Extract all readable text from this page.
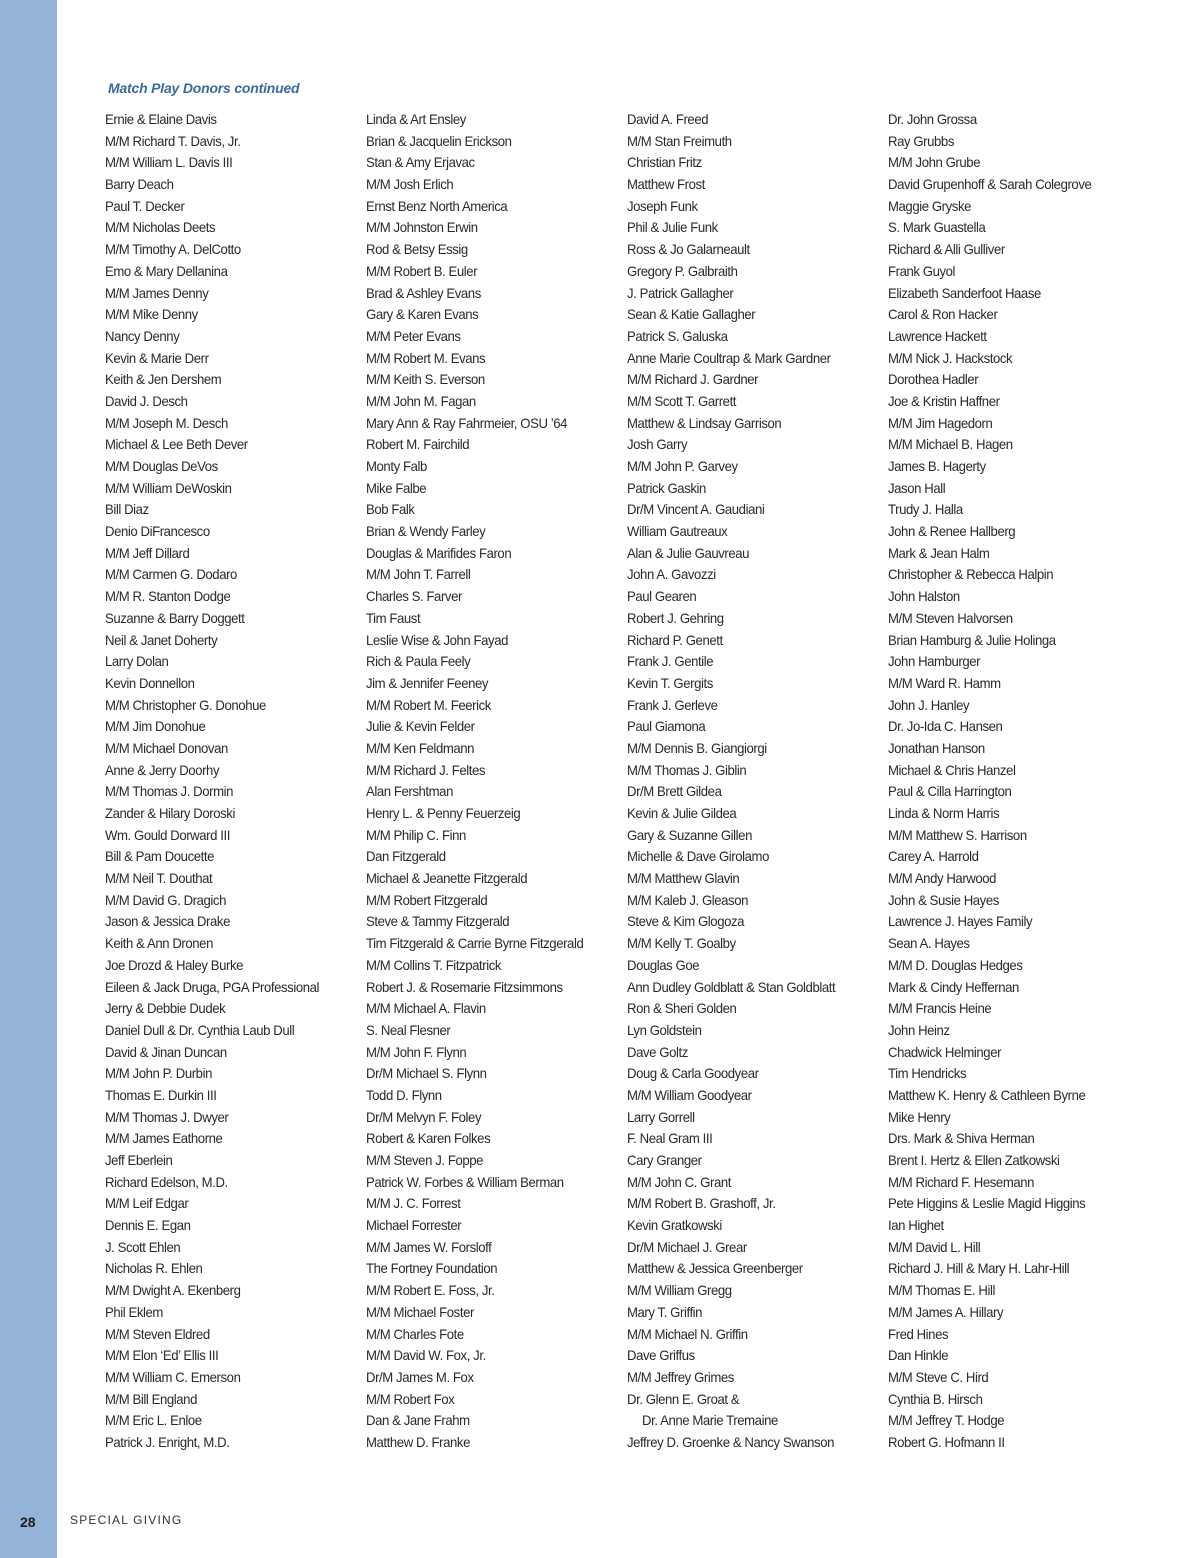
Match Play Donors continued
Ernie & Elaine Davis
M/M Richard T. Davis, Jr.
M/M William L. Davis III
Barry Deach
Paul T. Decker
M/M Nicholas Deets
M/M Timothy A. DelCotto
Emo & Mary Dellanina
M/M James Denny
M/M Mike Denny
Nancy Denny
Kevin & Marie Derr
Keith & Jen Dershem
David J. Desch
M/M Joseph M. Desch
Michael & Lee Beth Dever
M/M Douglas DeVos
M/M William DeWoskin
Bill Diaz
Denio DiFrancesco
M/M Jeff Dillard
M/M Carmen G. Dodaro
M/M R. Stanton Dodge
Suzanne & Barry Doggett
Neil & Janet Doherty
Larry Dolan
Kevin Donnellon
M/M Christopher G. Donohue
M/M Jim Donohue
M/M Michael Donovan
Anne & Jerry Doorhy
M/M Thomas J. Dormin
Zander & Hilary Doroski
Wm. Gould Dorward III
Bill & Pam Doucette
M/M Neil T. Douthat
M/M David G. Dragich
Jason & Jessica Drake
Keith & Ann Dronen
Joe Drozd & Haley Burke
Eileen & Jack Druga, PGA Professional
Jerry & Debbie Dudek
Daniel Dull & Dr. Cynthia Laub Dull
David & Jinan Duncan
M/M John P. Durbin
Thomas E. Durkin III
M/M Thomas J. Dwyer
M/M James Eathorne
Jeff Eberlein
Richard Edelson, M.D.
M/M Leif Edgar
Dennis E. Egan
J. Scott Ehlen
Nicholas R. Ehlen
M/M Dwight A. Ekenberg
Phil Eklem
M/M Steven Eldred
M/M Elon ‘Ed’ Ellis III
M/M William C. Emerson
M/M Bill England
M/M Eric L. Enloe
Patrick J. Enright, M.D.
Linda & Art Ensley
Brian & Jacquelin Erickson
Stan & Amy Erjavac
M/M Josh Erlich
Ernst Benz North America
M/M Johnston Erwin
Rod & Betsy Essig
M/M Robert B. Euler
Brad & Ashley Evans
Gary & Karen Evans
M/M Peter Evans
M/M Robert M. Evans
M/M Keith S. Everson
M/M John M. Fagan
Mary Ann & Ray Fahrmeier, OSU ’64
Robert M. Fairchild
Monty Falb
Mike Falbe
Bob Falk
Brian & Wendy Farley
Douglas & Marifides Faron
M/M John T. Farrell
Charles S. Farver
Tim Faust
Leslie Wise & John Fayad
Rich & Paula Feely
Jim & Jennifer Feeney
M/M Robert M. Feerick
Julie & Kevin Felder
M/M Ken Feldmann
M/M Richard J. Feltes
Alan Fershtman
Henry L. & Penny Feuerzeig
M/M Philip C. Finn
Dan Fitzgerald
Michael & Jeanette Fitzgerald
M/M Robert Fitzgerald
Steve & Tammy Fitzgerald
Tim Fitzgerald & Carrie Byrne Fitzgerald
M/M Collins T. Fitzpatrick
Robert J. & Rosemarie Fitzsimmons
M/M Michael A. Flavin
S. Neal Flesner
M/M John F. Flynn
Dr/M Michael S. Flynn
Todd D. Flynn
Dr/M Melvyn F. Foley
Robert & Karen Folkes
M/M Steven J. Foppe
Patrick W. Forbes & William Berman
M/M J. C. Forrest
Michael Forrester
M/M James W. Forsloff
The Fortney Foundation
M/M Robert E. Foss, Jr.
M/M Michael Foster
M/M Charles Fote
M/M David W. Fox, Jr.
Dr/M James M. Fox
M/M Robert Fox
Dan & Jane Frahm
Matthew D. Franke
David A. Freed
M/M Stan Freimuth
Christian Fritz
Matthew Frost
Joseph Funk
Phil & Julie Funk
Ross & Jo Galarneault
Gregory P. Galbraith
J. Patrick Gallagher
Sean & Katie Gallagher
Patrick S. Galuska
Anne Marie Coultrap & Mark Gardner
M/M Richard J. Gardner
M/M Scott T. Garrett
Matthew & Lindsay Garrison
Josh Garry
M/M John P. Garvey
Patrick Gaskin
Dr/M Vincent A. Gaudiani
William Gautreaux
Alan & Julie Gauvreau
John A. Gavozzi
Paul Gearen
Robert J. Gehring
Richard P. Genett
Frank J. Gentile
Kevin T. Gergits
Frank J. Gerleve
Paul Giamona
M/M Dennis B. Giangiorgi
M/M Thomas J. Giblin
Dr/M Brett Gildea
Kevin & Julie Gildea
Gary & Suzanne Gillen
Michelle & Dave Girolamo
M/M Matthew Glavin
M/M Kaleb J. Gleason
Steve & Kim Glogoza
M/M Kelly T. Goalby
Douglas Goe
Ann Dudley Goldblatt & Stan Goldblatt
Ron & Sheri Golden
Lyn Goldstein
Dave Goltz
Doug & Carla Goodyear
M/M William Goodyear
Larry Gorrell
F. Neal Gram III
Cary Granger
M/M John C. Grant
M/M Robert B. Grashoff, Jr.
Kevin Gratkowski
Dr/M Michael J. Grear
Matthew & Jessica Greenberger
M/M William Gregg
Mary T. Griffin
M/M Michael N. Griffin
Dave Griffus
M/M Jeffrey Grimes
Dr. Glenn E. Groat &
Dr. Anne Marie Tremaine
Jeffrey D. Groenke & Nancy Swanson
Dr. John Grossa
Ray Grubbs
M/M John Grube
David Grupenhoff & Sarah Colegrove
Maggie Gryske
S. Mark Guastella
Richard & Alli Gulliver
Frank Guyol
Elizabeth Sanderfoot Haase
Carol & Ron Hacker
Lawrence Hackett
M/M Nick J. Hackstock
Dorothea Hadler
Joe & Kristin Haffner
M/M Jim Hagedorn
M/M Michael B. Hagen
James B. Hagerty
Jason Hall
Trudy J. Halla
John & Renee Hallberg
Mark & Jean Halm
Christopher & Rebecca Halpin
John Halston
M/M Steven Halvorsen
Brian Hamburg & Julie Holinga
John Hamburger
M/M Ward R. Hamm
John J. Hanley
Dr. Jo-Ida C. Hansen
Jonathan Hanson
Michael & Chris Hanzel
Paul & Cilla Harrington
Linda & Norm Harris
M/M Matthew S. Harrison
Carey A. Harrold
M/M Andy Harwood
John & Susie Hayes
Lawrence J. Hayes Family
Sean A. Hayes
M/M D. Douglas Hedges
Mark & Cindy Heffernan
M/M Francis Heine
John Heinz
Chadwick Helminger
Tim Hendricks
Matthew K. Henry & Cathleen Byrne
Mike Henry
Drs. Mark & Shiva Herman
Brent I. Hertz & Ellen Zatkowski
M/M Richard F. Hesemann
Pete Higgins & Leslie Magid Higgins
Ian Highet
M/M David L. Hill
Richard J. Hill & Mary H. Lahr-Hill
M/M Thomas E. Hill
M/M James A. Hillary
Fred Hines
Dan Hinkle
M/M Steve C. Hird
Cynthia B. Hirsch
M/M Jeffrey T. Hodge
Robert G. Hofmann II
28	SPECIAL GIVING
